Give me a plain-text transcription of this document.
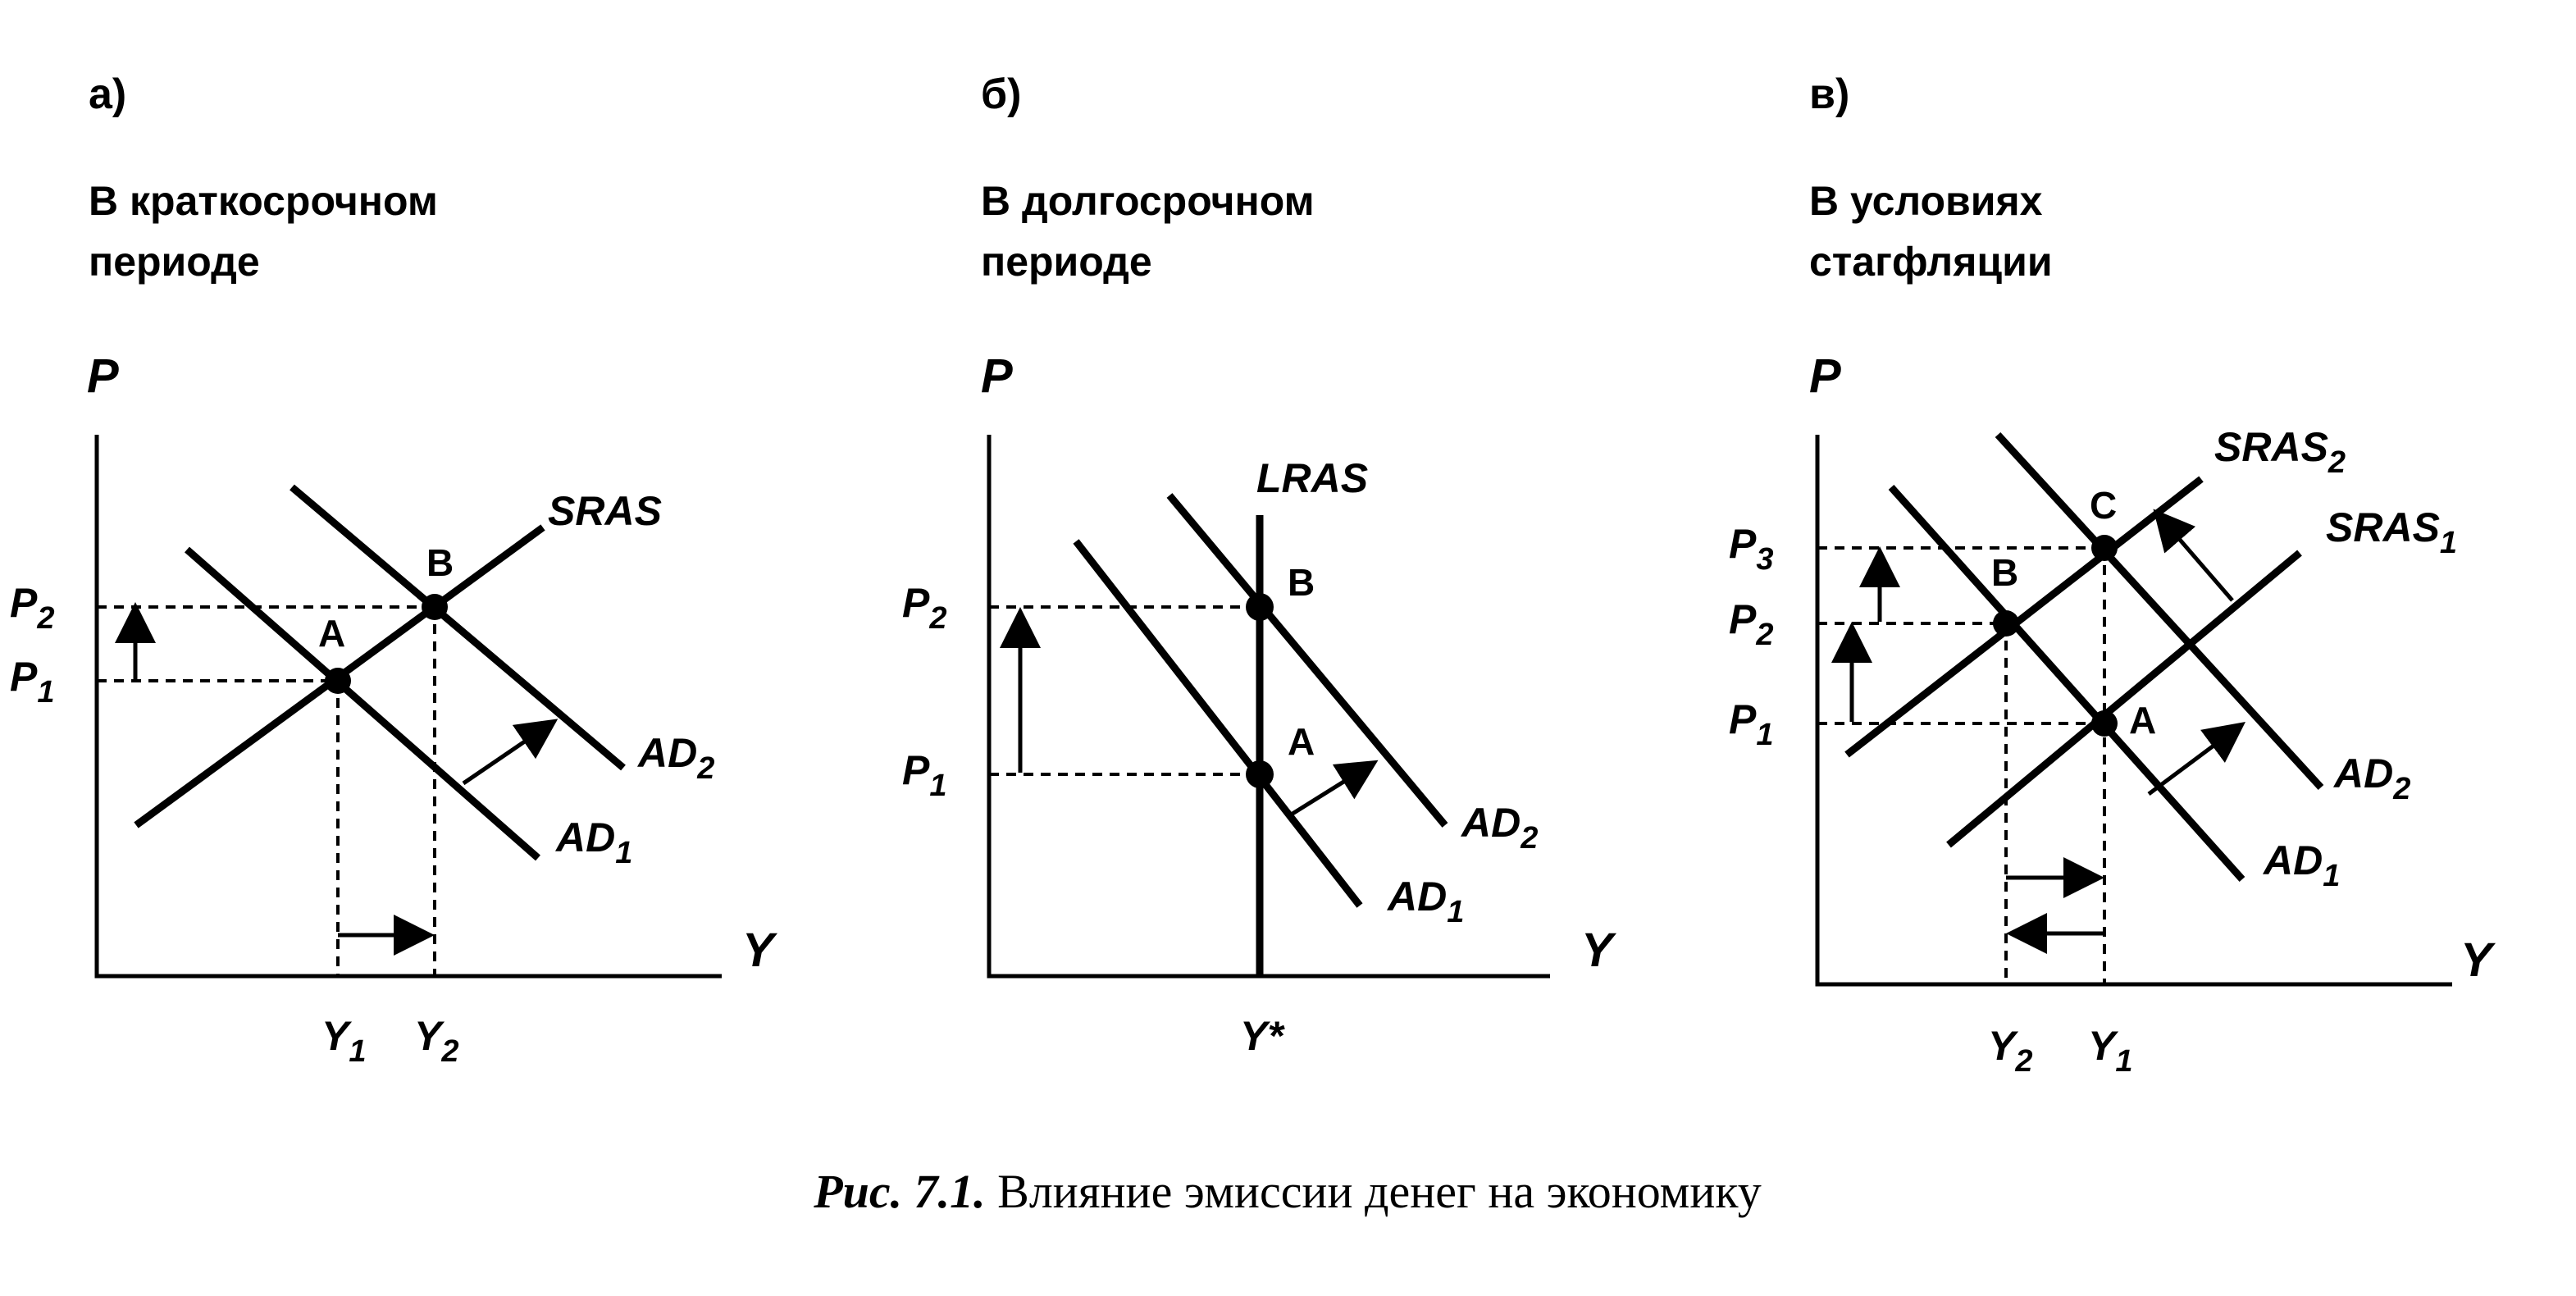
а)
В краткосрочном
периоде
P
Y
A
B
SRAS
$AD_2$
$AD_1$
$P_2$
$P_1$
$Y_1$ $Y_2$
б)
В долгосрочном
периоде
P
Y
B
A
LRAS
$AD_2$
$AD_1$
$P_2$
$P_1$
Y*
в)
В условиях
стагфляции
P
Y
C
B
A
$SRAS_2$
$SRAS_1$
$AD_2$
$AD_1$
$P_3$
$P_2$
$P_1$
$Y_2$ $Y_1$
Рис. 7.1. Влияние эмиссии денег на экономику
